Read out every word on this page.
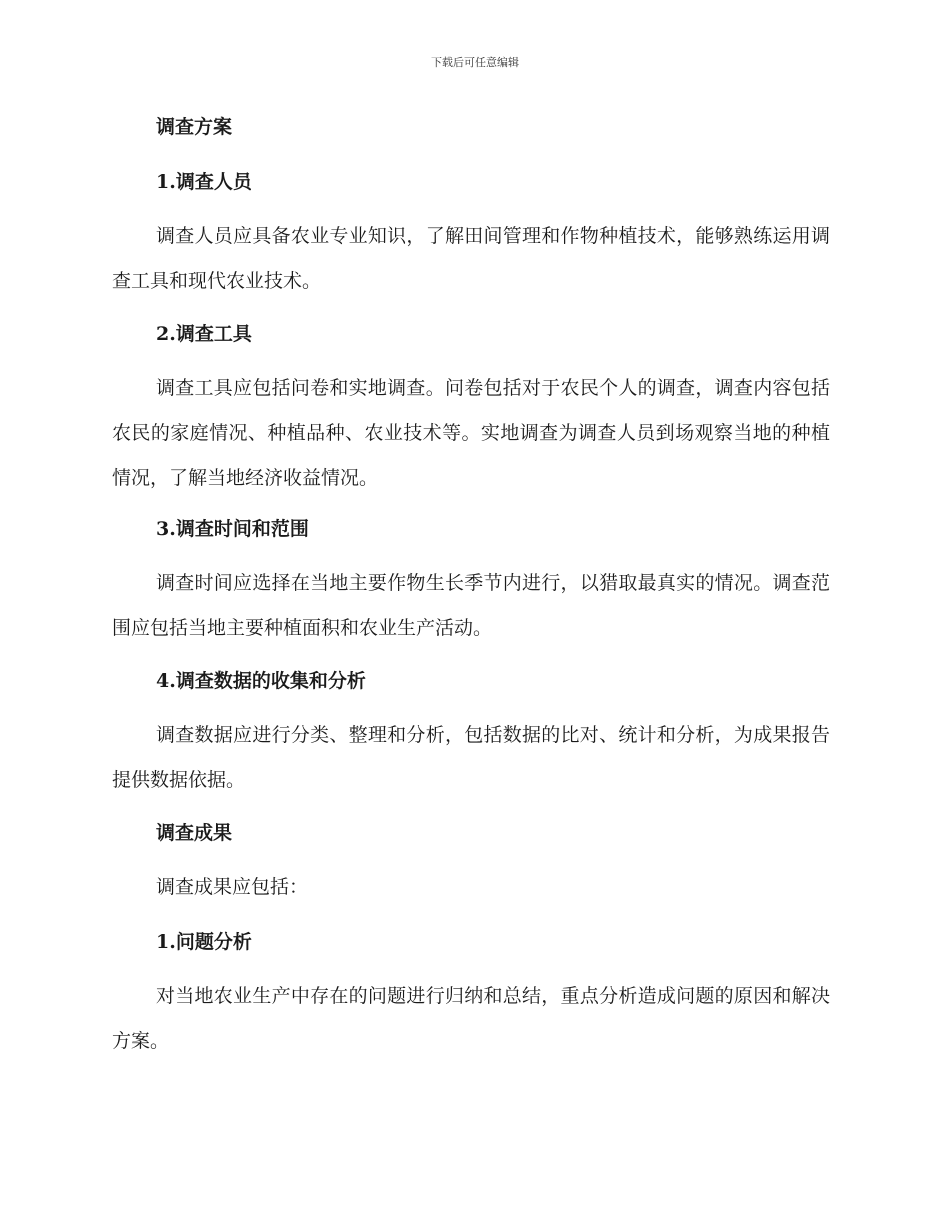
下载后可任意编辑
调查方案
1.调查人员

调查人员应具备农业专业知识，了解田间管理和作物种植技术，能够熟练运用调查工具和现代农业技术。

2.调查工具

调查工具应包括问卷和实地调查。问卷包括对于农民个人的调查，调查内容包括农民的家庭情况、种植品种、农业技术等。实地调查为调查人员到场观察当地的种植情况，了解当地经济收益情况。

3.调查时间和范围

调查时间应选择在当地主要作物生长季节内进行，以猎取最真实的情况。调查范围应包括当地主要种植面积和农业生产活动。

4.调查数据的收集和分析

调查数据应进行分类、整理和分析，包括数据的比对、统计和分析，为成果报告提供数据依据。

调查成果

调查成果应包括：

1.问题分析

对当地农业生产中存在的问题进行归纳和总结，重点分析造成问题的原因和解决方案。
